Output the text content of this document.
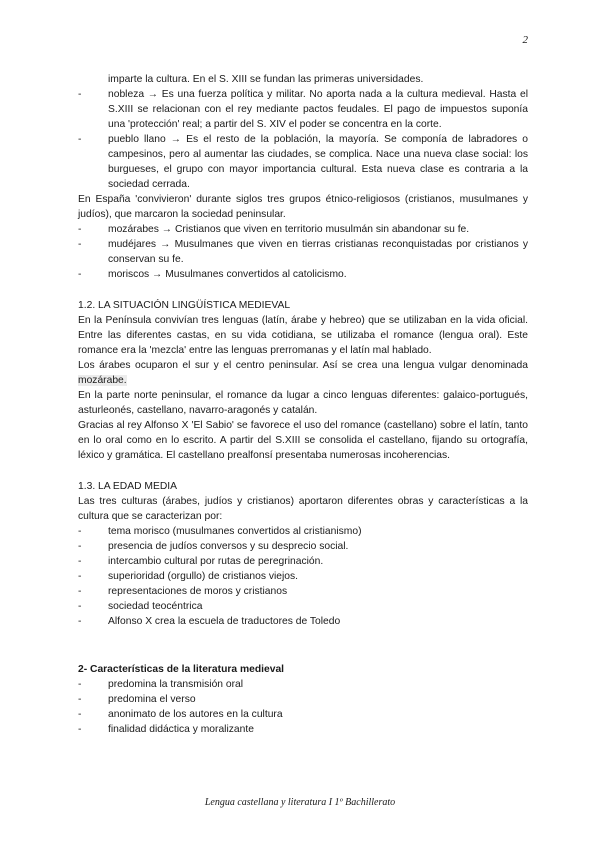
2
imparte la cultura. En el S. XIII se fundan las primeras universidades.
-	nobleza → Es una fuerza política y militar. No aporta nada a la cultura medieval. Hasta el S.XIII se relacionan con el rey mediante pactos feudales. El pago de impuestos suponía una 'protección' real; a partir del S. XIV el poder se concentra en la corte.
-	pueblo llano → Es el resto de la población, la mayoría. Se componía de labradores o campesinos, pero al aumentar las ciudades, se complica. Nace una nueva clase social: los burgueses, el grupo con mayor importancia cultural. Esta nueva clase es contraria a la sociedad cerrada.
En España 'convivieron' durante siglos tres grupos étnico-religiosos (cristianos, musulmanes y judíos), que marcaron la sociedad peninsular.
-	mozárabes → Cristianos que viven en territorio musulmán sin abandonar su fe.
-	mudéjares → Musulmanes que viven en tierras cristianas reconquistadas por cristianos y conservan su fe.
-	moriscos → Musulmanes convertidos al catolicismo.
1.2. LA SITUACIÓN LINGÜÍSTICA MEDIEVAL
En la Península convivían tres lenguas (latín, árabe y hebreo) que se utilizaban en la vida oficial. Entre las diferentes castas, en su vida cotidiana, se utilizaba el romance (lengua oral). Este romance era la 'mezcla' entre las lenguas prerromanas y el latín mal hablado.
Los árabes ocuparon el sur y el centro peninsular. Así se crea una lengua vulgar denominada mozárabe.
En la parte norte peninsular, el romance da lugar a cinco lenguas diferentes: galaico-portugués, asturleonés, castellano, navarro-aragonés y catalán.
Gracias al rey Alfonso X 'El Sabio' se favorece el uso del romance (castellano) sobre el latín, tanto en lo oral como en lo escrito. A partir del S.XIII se consolida el castellano, fijando su ortografía, léxico y gramática. El castellano prealfonsí presentaba numerosas incoherencias.
1.3. LA EDAD MEDIA
Las tres culturas (árabes, judíos y cristianos) aportaron diferentes obras y características a la cultura que se caracterizan por:
-	tema morisco (musulmanes convertidos al cristianismo)
-	presencia de judíos conversos y su desprecio social.
-	intercambio cultural por rutas de peregrinación.
-	superioridad (orgullo) de cristianos viejos.
-	representaciones de moros y cristianos
-	sociedad teocéntrica
-	Alfonso X crea la escuela de traductores de Toledo
2- Características de la literatura medieval
-	predomina la transmisión oral
-	predomina el verso
-	anonimato de los autores en la cultura
-	finalidad didáctica y moralizante
Lengua castellana y literatura I 1º Bachillerato
